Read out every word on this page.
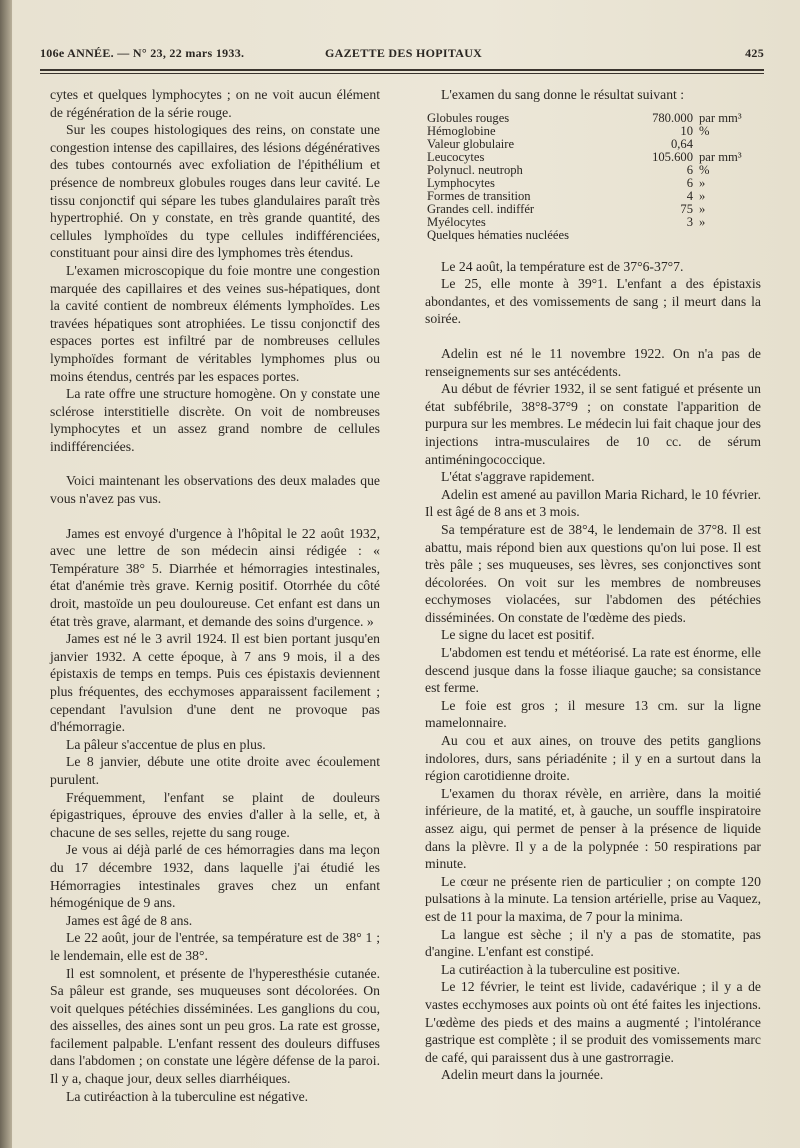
106e ANNÉE. — N° 23, 22 mars 1933.	GAZETTE DES HOPITAUX	425

cytes et quelques lymphocytes ; on ne voit aucun élément de régénération de la série rouge.

Sur les coupes histologiques des reins, on constate une congestion intense des capillaires, des lésions dégénératives des tubes contournés avec exfoliation de l'épithélium et présence de nombreux globules rouges dans leur cavité. Le tissu conjonctif qui sépare les tubes glandulaires paraît très hypertrophié. On y constate, en très grande quantité, des cellules lymphoïdes du type cellules indifférenciées, constituant pour ainsi dire des lymphomes très étendus.

L'examen microscopique du foie montre une congestion marquée des capillaires et des veines sus-hépatiques, dont la cavité contient de nombreux éléments lymphoïdes. Les travées hépatiques sont atrophiées. Le tissu conjonctif des espaces portes est infiltré par de nombreuses cellules lymphoïdes formant de véritables lymphomes plus ou moins étendus, centrés par les espaces portes.

La rate offre une structure homogène. On y constate une sclérose interstitielle discrète. On voit de nombreuses lymphocytes et un assez grand nombre de cellules indifférenciées.

Voici maintenant les observations des deux malades que vous n'avez pas vus.

James est envoyé d'urgence à l'hôpital le 22 août 1932, avec une lettre de son médecin ainsi rédigée : « Température 38° 5. Diarrhée et hémorragies intestinales, état d'anémie très grave. Kernig positif. Otorrhée du côté droit, mastoïde un peu douloureuse. Cet enfant est dans un état très grave, alarmant, et demande des soins d'urgence. »

James est né le 3 avril 1924. Il est bien portant jusqu'en janvier 1932. A cette époque, à 7 ans 9 mois, il a des épistaxis de temps en temps. Puis ces épistaxis deviennent plus fréquentes, des ecchymoses apparaissent facilement ; cependant l'avulsion d'une dent ne provoque pas d'hémorragie.

La pâleur s'accentue de plus en plus.

Le 8 janvier, débute une otite droite avec écoulement purulent.

Fréquemment, l'enfant se plaint de douleurs épigastriques, éprouve des envies d'aller à la selle, et, à chacune de ses selles, rejette du sang rouge.

Je vous ai déjà parlé de ces hémorragies dans ma leçon du 17 décembre 1932, dans laquelle j'ai étudié les Hémorragies intestinales graves chez un enfant hémogénique de 9 ans.

James est âgé de 8 ans.

Le 22 août, jour de l'entrée, sa température est de 38° 1 ; le lendemain, elle est de 38°.

Il est somnolent, et présente de l'hyperesthésie cutanée. Sa pâleur est grande, ses muqueuses sont décolorées. On voit quelques pétéchies disséminées. Les ganglions du cou, des aisselles, des aines sont un peu gros. La rate est grosse, facilement palpable. L'enfant ressent des douleurs diffuses dans l'abdomen ; on constate une légère défense de la paroi. Il y a, chaque jour, deux selles diarrhéiques.

La cutiréaction à la tuberculine est négative.

L'examen du sang donne le résultat suivant :

Globules rouges	780.000	par mm³
Hémoglobine	10	%
Valeur globulaire	0,64	
Leucocytes	105.600	par mm³
Polynucl. neutroph	6	%
Lymphocytes	6	»
Formes de transition	4	»
Grandes cell. indiffér	75	»
Myélocytes	3	»
Quelques hématies nucléées		

Le 24 août, la température est de 37°6-37°7.

Le 25, elle monte à 39°1. L'enfant a des épistaxis abondantes, et des vomissements de sang ; il meurt dans la soirée.

Adelin est né le 11 novembre 1922. On n'a pas de renseignements sur ses antécédents.

Au début de février 1932, il se sent fatigué et présente un état subfébrile, 38°8-37°9 ; on constate l'apparition de purpura sur les membres. Le médecin lui fait chaque jour des injections intra-musculaires de 10 cc. de sérum antiméningococcique.

L'état s'aggrave rapidement.

Adelin est amené au pavillon Maria Richard, le 10 février. Il est âgé de 8 ans et 3 mois.

Sa température est de 38°4, le lendemain de 37°8. Il est abattu, mais répond bien aux questions qu'on lui pose. Il est très pâle ; ses muqueuses, ses lèvres, ses conjonctives sont décolorées. On voit sur les membres de nombreuses ecchymoses violacées, sur l'abdomen des pétéchies disséminées. On constate de l'œdème des pieds.

Le signe du lacet est positif.

L'abdomen est tendu et météorisé. La rate est énorme, elle descend jusque dans la fosse iliaque gauche; sa consistance est ferme.

Le foie est gros ; il mesure 13 cm. sur la ligne mamelonnaire.

Au cou et aux aines, on trouve des petits ganglions indolores, durs, sans périadénite ; il y en a surtout dans la région carotidienne droite.

L'examen du thorax révèle, en arrière, dans la moitié inférieure, de la matité, et, à gauche, un souffle inspiratoire assez aigu, qui permet de penser à la présence de liquide dans la plèvre. Il y a de la polypnée : 50 respirations par minute.

Le cœur ne présente rien de particulier ; on compte 120 pulsations à la minute. La tension artérielle, prise au Vaquez, est de 11 pour la maxima, de 7 pour la minima.

La langue est sèche ; il n'y a pas de stomatite, pas d'angine. L'enfant est constipé.

La cutiréaction à la tuberculine est positive.

Le 12 février, le teint est livide, cadavérique ; il y a de vastes ecchymoses aux points où ont été faites les injections. L'œdème des pieds et des mains a augmenté ; l'intolérance gastrique est complète ; il se produit des vomissements marc de café, qui paraissent dus à une gastrorragie.

Adelin meurt dans la journée.
